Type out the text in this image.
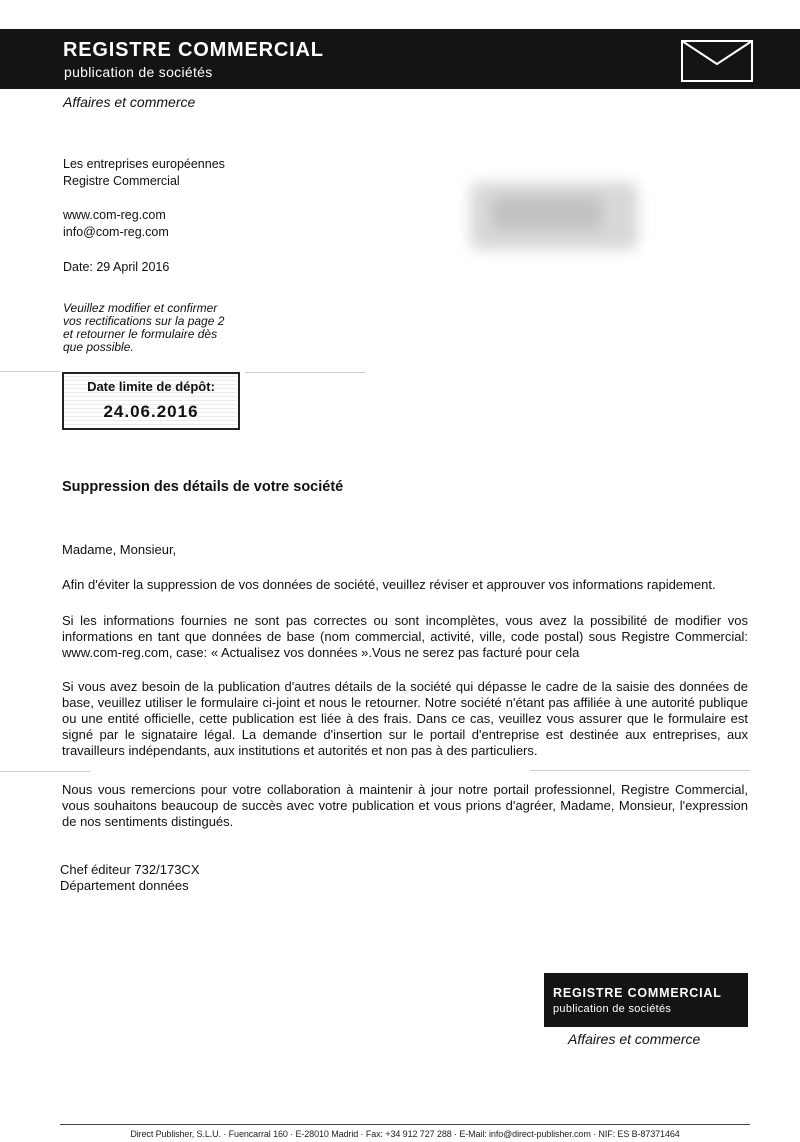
REGISTRE COMMERCIAL
publication de sociétés
Affaires et commerce
Les entreprises européennes
Registre Commercial
www.com-reg.com
info@com-reg.com
Date: 29 April 2016
Veuillez modifier et confirmer
vos rectifications sur la page 2
et retourner le formulaire dès
que possible.
Date limite de dépôt:
24.06.2016
Suppression des détails de votre société
Madame, Monsieur,
Afin d'éviter la suppression de vos données de société, veuillez réviser et approuver vos informations rapidement.
Si les informations fournies ne sont pas correctes ou sont incomplètes, vous avez la possibilité de modifier vos informations en tant que données de base (nom commercial, activité, ville, code postal) sous Registre Commercial: www.com-reg.com, case: « Actualisez vos données ».Vous ne serez pas facturé pour cela
Si vous avez besoin de la publication d'autres détails de la société qui dépasse le cadre de la saisie des données de base, veuillez utiliser le formulaire ci-joint et nous le retourner. Notre société n'étant pas affiliée à une autorité publique ou une entité officielle, cette publication est liée à des frais. Dans ce cas, veuillez vous assurer que le formulaire est signé par le signataire légal. La demande d'insertion sur le portail d'entreprise est destinée aux entreprises, aux travailleurs indépendants, aux institutions et autorités et non pas à des particuliers.
Nous vous remercions pour votre collaboration à maintenir à jour notre portail professionnel, Registre Commercial, vous souhaitons beaucoup de succès avec votre publication et vous prions d'agréer, Madame, Monsieur, l'expression de nos sentiments distingués.
Chef éditeur 732/173CX
Département données
REGISTRE COMMERCIAL
publication de sociétés
Affaires et commerce
Direct Publisher, S.L.U. · Fuencarral 160 · E-28010 Madrid · Fax: +34 912 727 288 · E-Mail: info@direct-publisher.com · NIF: ES B-87371464
